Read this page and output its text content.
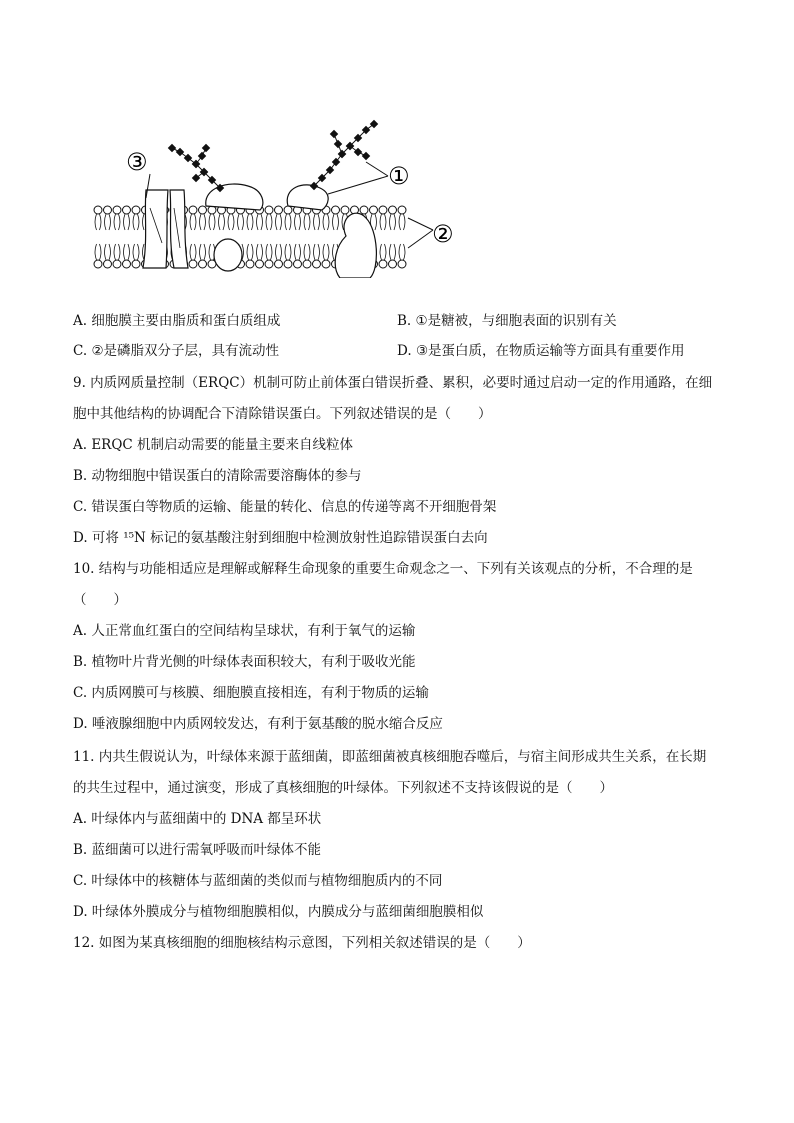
③	①
②
A. 细胞膜主要由脂质和蛋白质组成	B. ①是糖被，与细胞表面的识别有关
C. ②是磷脂双分子层，具有流动性	D. ③是蛋白质，在物质运输等方面具有重要作用
9. 内质网质量控制（ERQC）机制可防止前体蛋白错误折叠、累积，必要时通过启动一定的作用通路，在细
胞中其他结构的协调配合下清除错误蛋白。下列叙述错误的是（　　）
A. ERQC 机制启动需要的能量主要来自线粒体
B. 动物细胞中错误蛋白的清除需要溶酶体的参与
C. 错误蛋白等物质的运输、能量的转化、信息的传递等离不开细胞骨架
D. 可将 ¹⁵N 标记的氨基酸注射到细胞中检测放射性追踪错误蛋白去向
10. 结构与功能相适应是理解或解释生命现象的重要生命观念之一、下列有关该观点的分析，不合理的是
（　　）
A. 人正常血红蛋白的空间结构呈球状，有利于氧气的运输
B. 植物叶片背光侧的叶绿体表面积较大，有利于吸收光能
C. 内质网膜可与核膜、细胞膜直接相连，有利于物质的运输
D. 唾液腺细胞中内质网较发达，有利于氨基酸的脱水缩合反应
11. 内共生假说认为，叶绿体来源于蓝细菌，即蓝细菌被真核细胞吞噬后，与宿主间形成共生关系，在长期
的共生过程中，通过演变，形成了真核细胞的叶绿体。下列叙述不支持该假说的是（　　）
A. 叶绿体内与蓝细菌中的 DNA 都呈环状
B. 蓝细菌可以进行需氧呼吸而叶绿体不能
C. 叶绿体中的核糖体与蓝细菌的类似而与植物细胞质内的不同
D. 叶绿体外膜成分与植物细胞膜相似，内膜成分与蓝细菌细胞膜相似
12. 如图为某真核细胞的细胞核结构示意图，下列相关叙述错误的是（　　）
